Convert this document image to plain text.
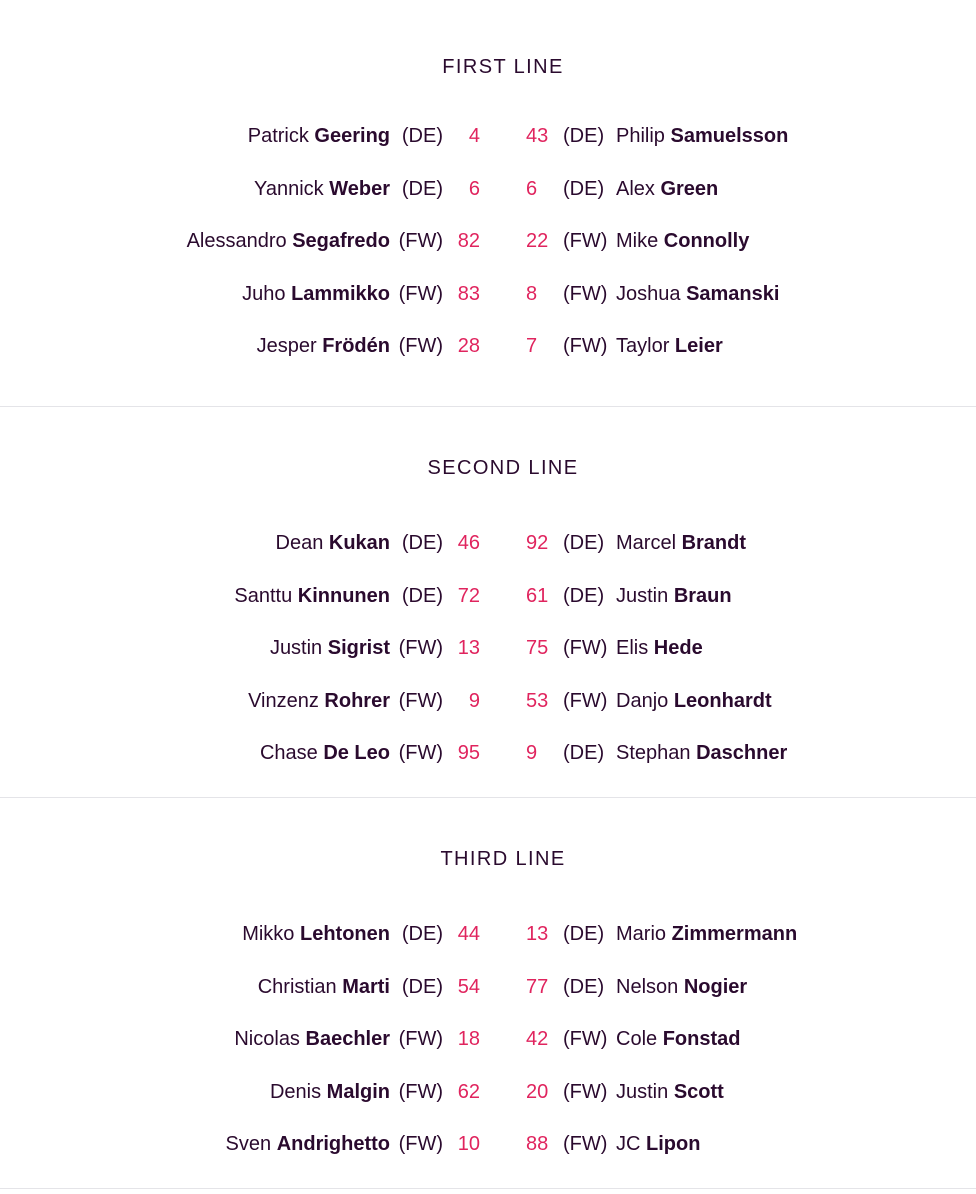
FIRST LINE
Patrick Geering (DE) 4 43 (DE) Philip Samuelsson
Yannick Weber (DE) 6 6 (DE) Alex Green
Alessandro Segafredo (FW) 82 22 (FW) Mike Connolly
Juho Lammikko (FW) 83 8 (FW) Joshua Samanski
Jesper Frödén (FW) 28 7 (FW) Taylor Leier
SECOND LINE
Dean Kukan (DE) 46 92 (DE) Marcel Brandt
Santtu Kinnunen (DE) 72 61 (DE) Justin Braun
Justin Sigrist (FW) 13 75 (FW) Elis Hede
Vinzenz Rohrer (FW) 9 53 (FW) Danjo Leonhardt
Chase De Leo (FW) 95 9 (DE) Stephan Daschner
THIRD LINE
Mikko Lehtonen (DE) 44 13 (DE) Mario Zimmermann
Christian Marti (DE) 54 77 (DE) Nelson Nogier
Nicolas Baechler (FW) 18 42 (FW) Cole Fonstad
Denis Malgin (FW) 62 20 (FW) Justin Scott
Sven Andrighetto (FW) 10 88 (FW) JC Lipon
